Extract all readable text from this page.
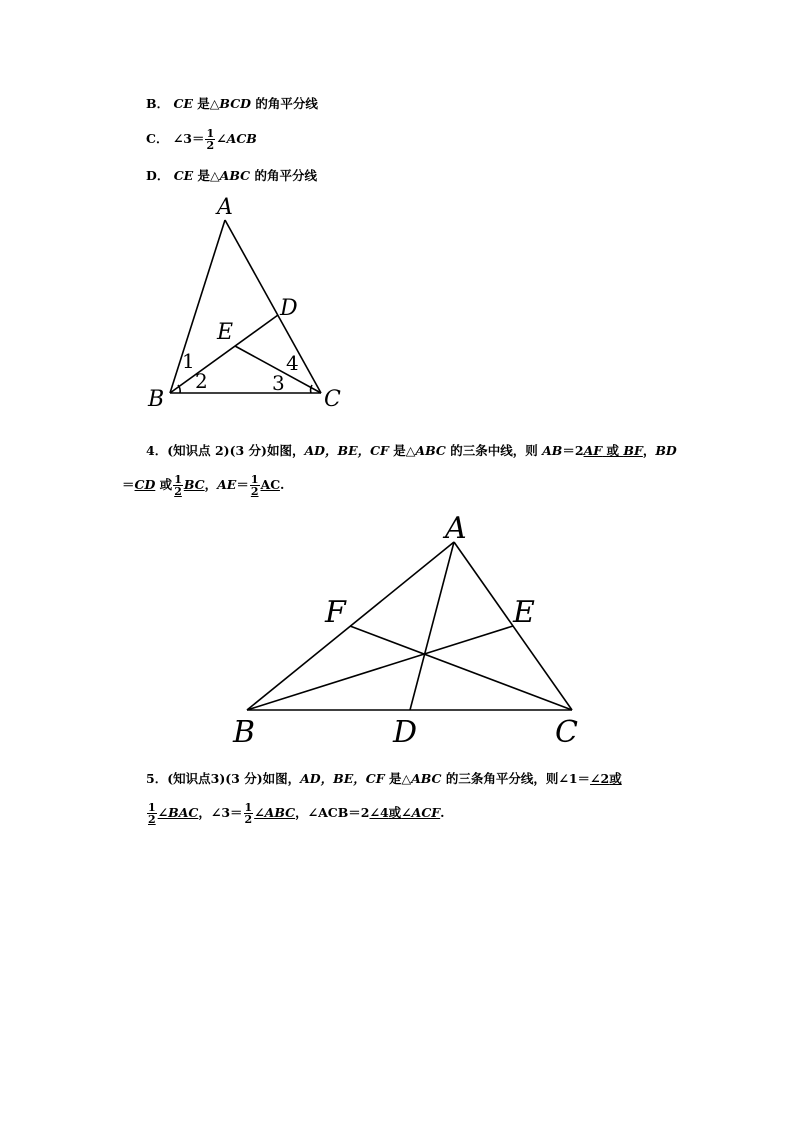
B． CE 是△BCD 的角平分线
C． ∠3＝ $\frac{1}{2}$ ∠ACB
D． CE 是△ABC 的角平分线
A
D
E
B	C
1
2	3
4
4．(知识点 2)(3 分)如图，AD，BE，CF 是△ABC 的三条中线，则 AB＝2AF 或 BF，BD
＝CD 或 $\frac{1}{2}$ BC，$AE= \frac{1}{2}$ AC.
A
F	E
B	D	C
5．(知识点3)(3 分)如图，AD，BE，CF 是△ABC 的三条角平分线，则∠1＝∠2或
$\frac{1}{2}$ ∠BAC，∠3＝ $\frac{1}{2}$ ∠ABC，∠ACB＝2∠4或∠ACF.
